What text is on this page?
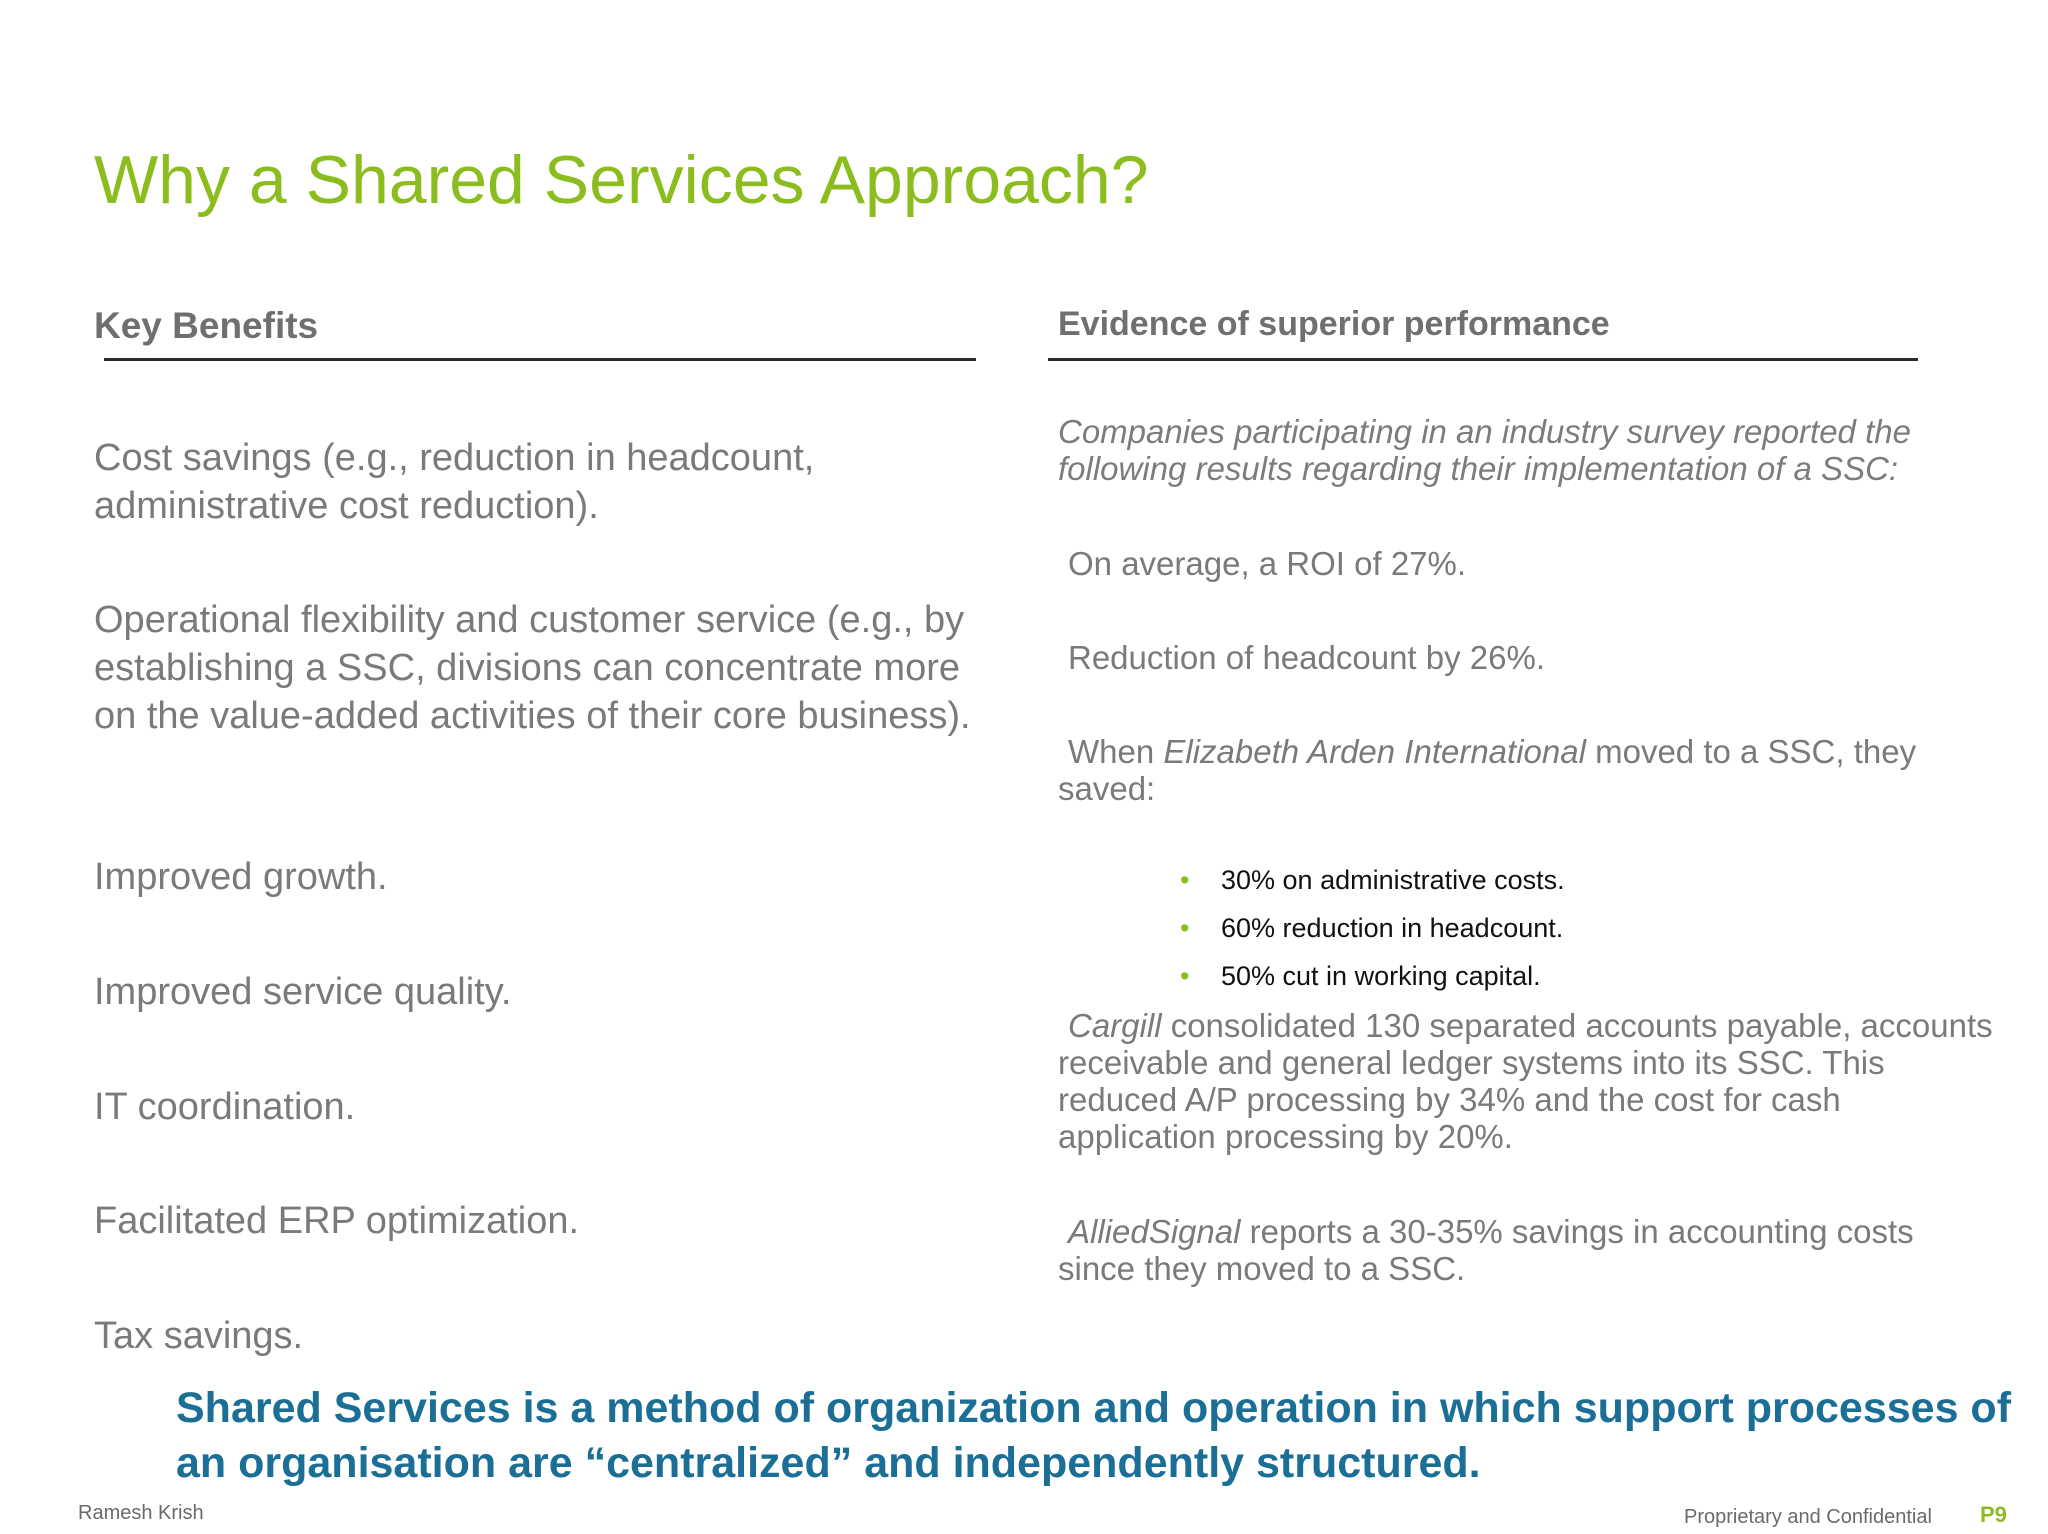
Why a Shared Services Approach?
Key Benefits
Cost savings (e.g., reduction in headcount, administrative cost reduction).
Operational flexibility and customer service (e.g., by establishing a SSC, divisions can concentrate more on the value-added activities of their core business).
Improved growth.
Improved service quality.
IT coordination.
Facilitated ERP optimization.
Tax savings.
Evidence of superior performance
Companies participating in an industry survey reported the following results regarding their implementation of a SSC:
On average, a ROI of 27%.
Reduction of headcount by 26%.
When Elizabeth Arden International moved to a SSC, they saved:
• 30% on administrative costs.
• 60% reduction in headcount.
• 50% cut in working capital.
Cargill consolidated 130 separated accounts payable, accounts receivable and general ledger systems into its SSC. This reduced A/P processing by 34% and the cost for cash application processing by 20%.
AlliedSignal reports a 30-35% savings in accounting costs since they moved to a SSC.
Shared Services is a method of organization and operation in which support processes of an organisation are “centralized” and independently structured.
Ramesh Krish	Proprietary and Confidential P9
